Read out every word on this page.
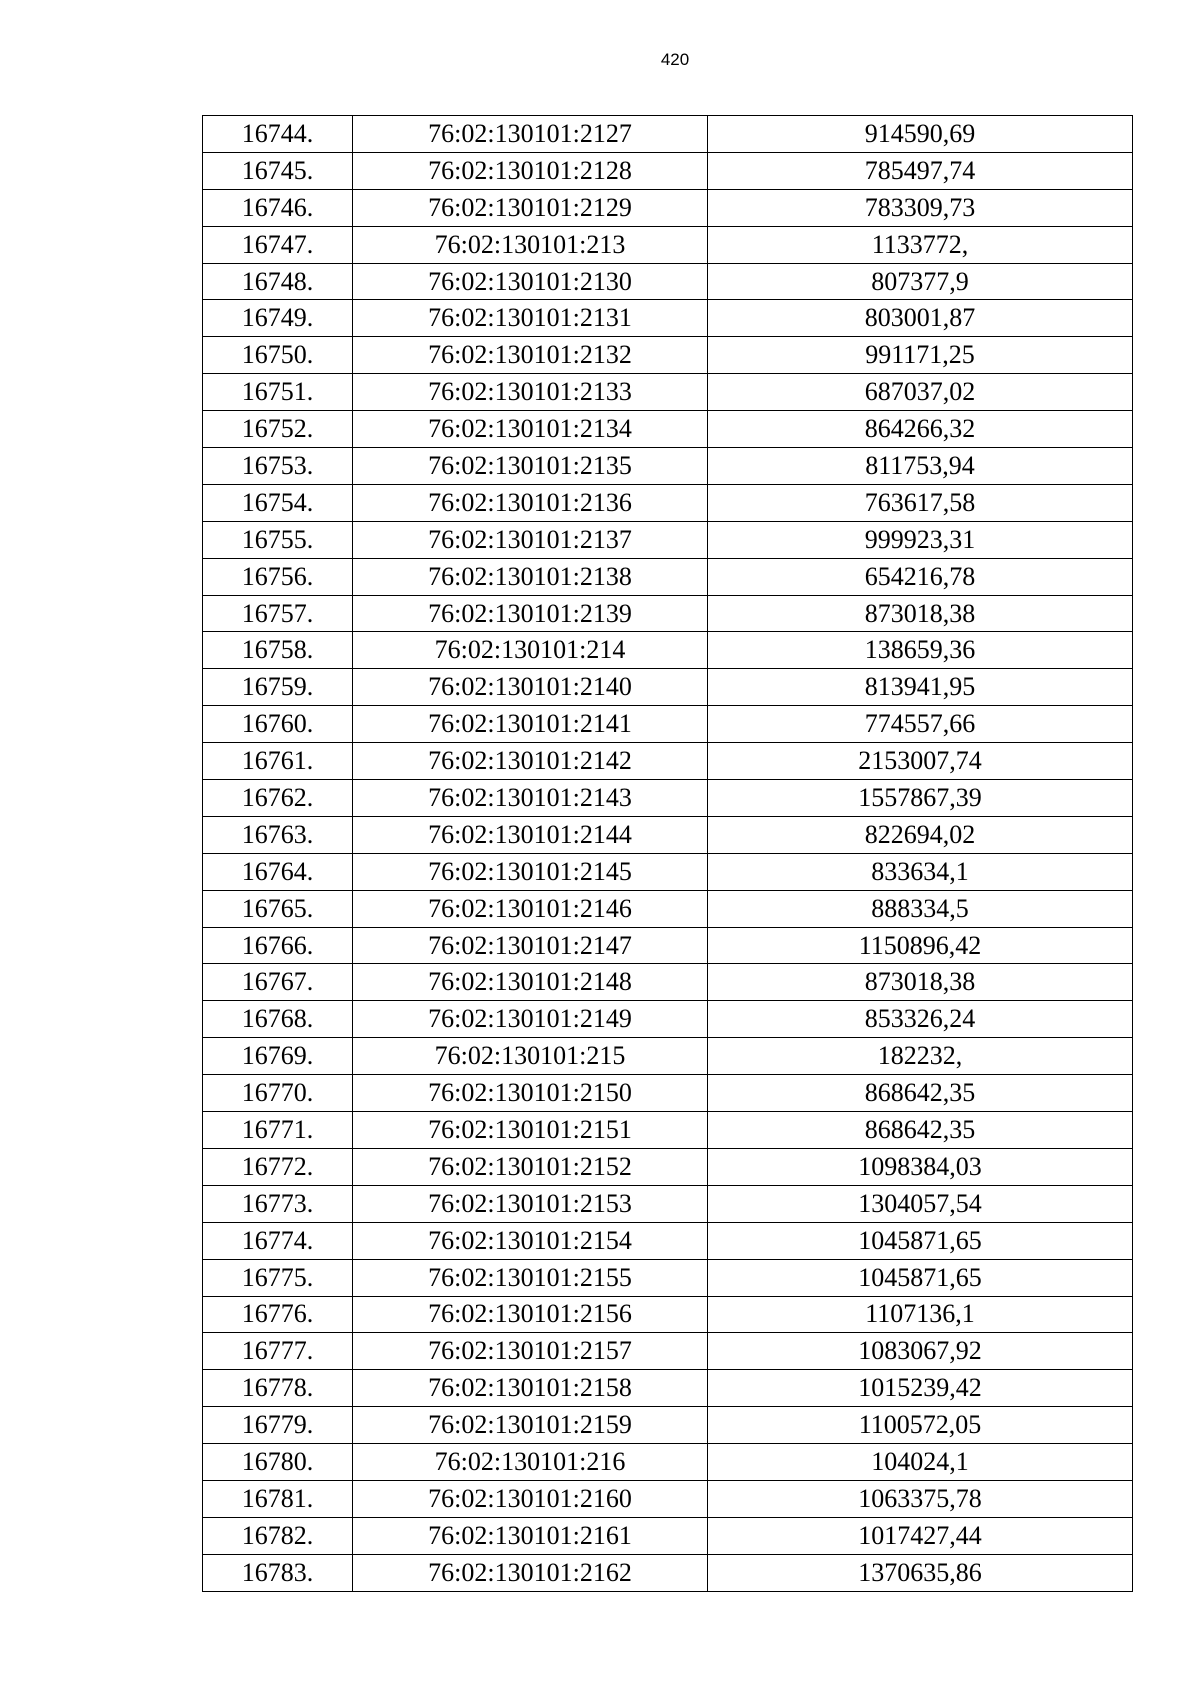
420
16744.	76:02:130101:2127	914590,69
16745.	76:02:130101:2128	785497,74
16746.	76:02:130101:2129	783309,73
16747.	76:02:130101:213	1133772,
16748.	76:02:130101:2130	807377,9
16749.	76:02:130101:2131	803001,87
16750.	76:02:130101:2132	991171,25
16751.	76:02:130101:2133	687037,02
16752.	76:02:130101:2134	864266,32
16753.	76:02:130101:2135	811753,94
16754.	76:02:130101:2136	763617,58
16755.	76:02:130101:2137	999923,31
16756.	76:02:130101:2138	654216,78
16757.	76:02:130101:2139	873018,38
16758.	76:02:130101:214	138659,36
16759.	76:02:130101:2140	813941,95
16760.	76:02:130101:2141	774557,66
16761.	76:02:130101:2142	2153007,74
16762.	76:02:130101:2143	1557867,39
16763.	76:02:130101:2144	822694,02
16764.	76:02:130101:2145	833634,1
16765.	76:02:130101:2146	888334,5
16766.	76:02:130101:2147	1150896,42
16767.	76:02:130101:2148	873018,38
16768.	76:02:130101:2149	853326,24
16769.	76:02:130101:215	182232,
16770.	76:02:130101:2150	868642,35
16771.	76:02:130101:2151	868642,35
16772.	76:02:130101:2152	1098384,03
16773.	76:02:130101:2153	1304057,54
16774.	76:02:130101:2154	1045871,65
16775.	76:02:130101:2155	1045871,65
16776.	76:02:130101:2156	1107136,1
16777.	76:02:130101:2157	1083067,92
16778.	76:02:130101:2158	1015239,42
16779.	76:02:130101:2159	1100572,05
16780.	76:02:130101:216	104024,1
16781.	76:02:130101:2160	1063375,78
16782.	76:02:130101:2161	1017427,44
16783.	76:02:130101:2162	1370635,86
